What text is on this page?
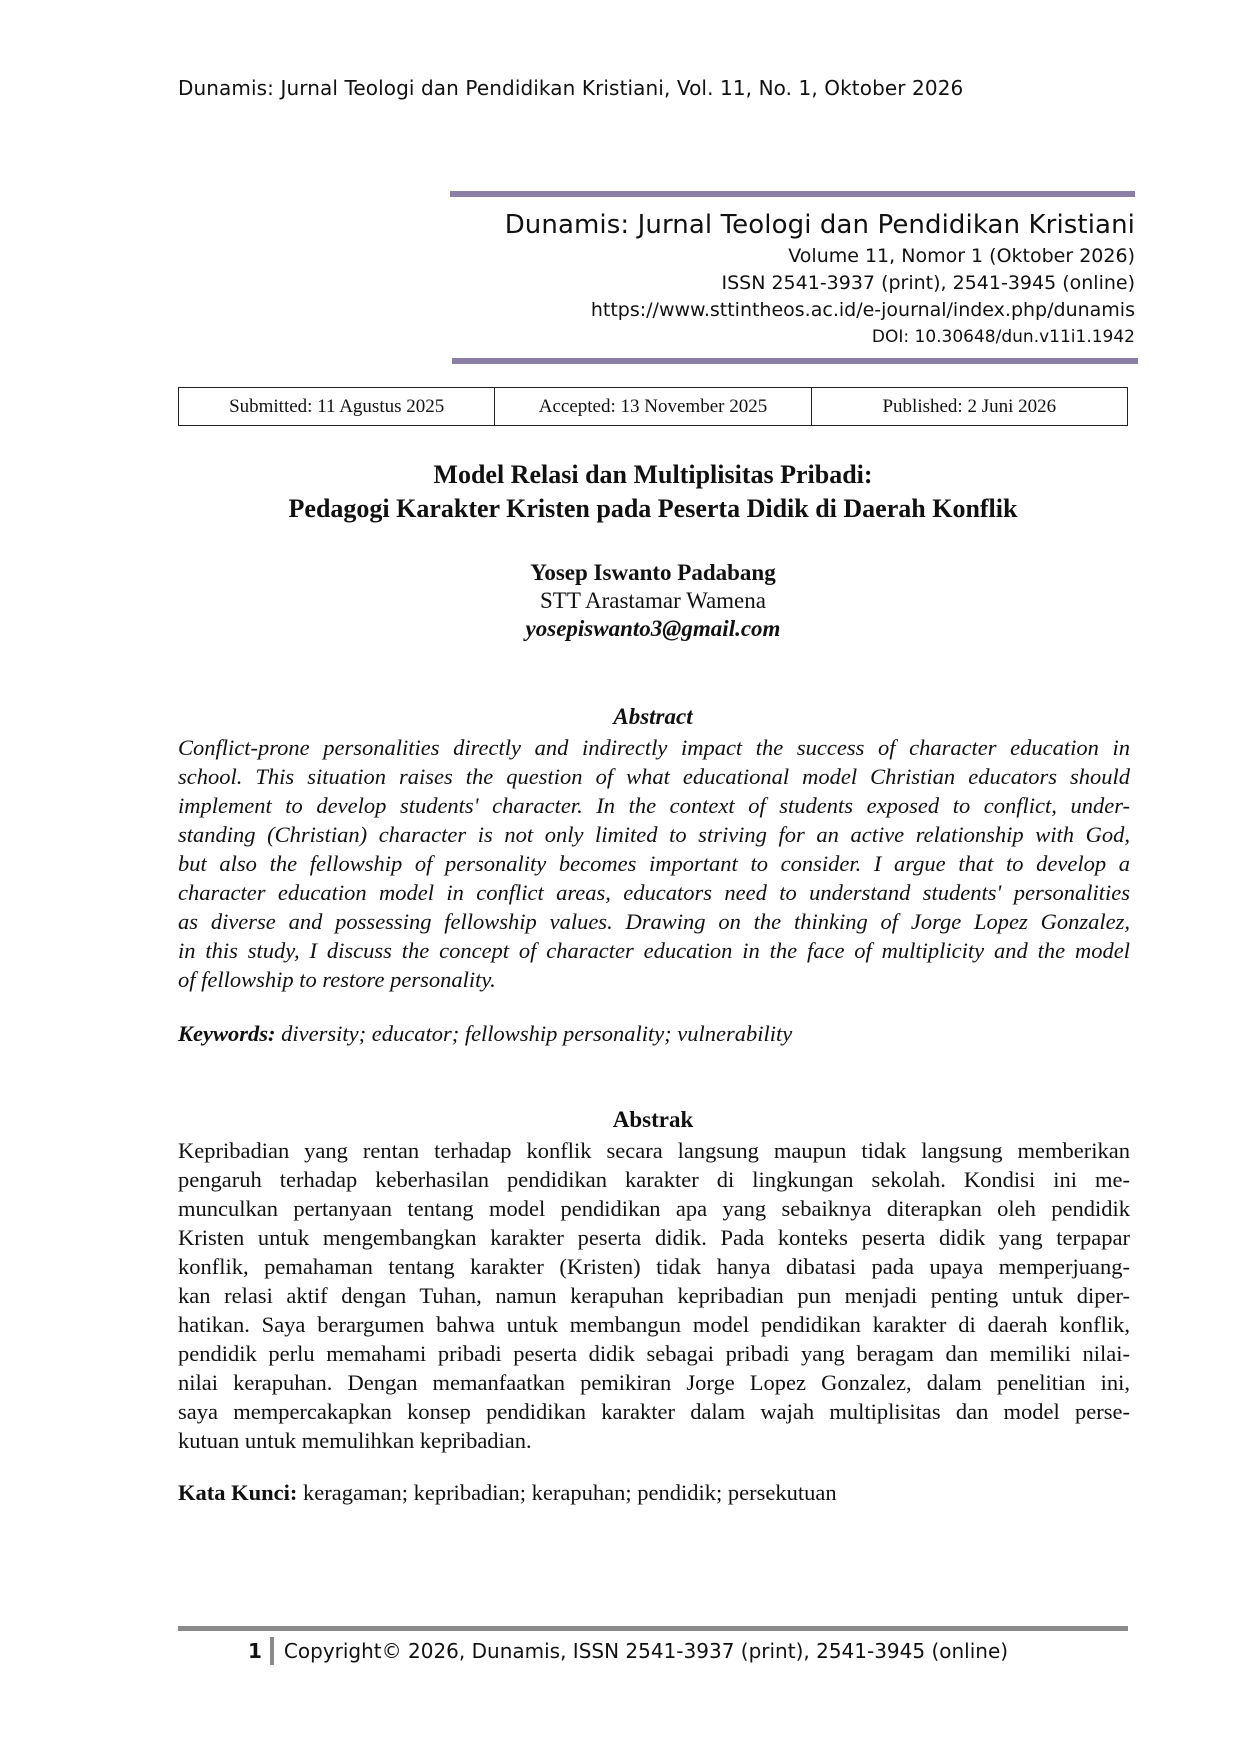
Dunamis: Jurnal Teologi dan Pendidikan Kristiani, Vol. 11, No. 1, Oktober 2026
Dunamis: Jurnal Teologi dan Pendidikan Kristiani
Volume 11, Nomor 1 (Oktober 2026)
ISSN 2541-3937 (print), 2541-3945 (online)
https://www.sttintheos.ac.id/e-journal/index.php/dunamis
DOI: 10.30648/dun.v11i1.1942
Submitted: 11 Agustus 2025	Accepted: 13 November 2025	Published: 2 Juni 2026
Model Relasi dan Multiplisitas Pribadi:
Pedagogi Karakter Kristen pada Peserta Didik di Daerah Konflik
Yosep Iswanto Padabang
STT Arastamar Wamena
yosepiswanto3@gmail.com
Abstract
Conflict-prone personalities directly and indirectly impact the success of character education in
school. This situation raises the question of what educational model Christian educators should
implement to develop students' character. In the context of students exposed to conflict, under-
standing (Christian) character is not only limited to striving for an active relationship with God,
but also the fellowship of personality becomes important to consider. I argue that to develop a
character education model in conflict areas, educators need to understand students' personalities
as diverse and possessing fellowship values. Drawing on the thinking of Jorge Lopez Gonzalez,
in this study, I discuss the concept of character education in the face of multiplicity and the model
of fellowship to restore personality.
Keywords: diversity; educator; fellowship personality; vulnerability
Abstrak
Kepribadian yang rentan terhadap konflik secara langsung maupun tidak langsung memberikan
pengaruh terhadap keberhasilan pendidikan karakter di lingkungan sekolah. Kondisi ini me-
munculkan pertanyaan tentang model pendidikan apa yang sebaiknya diterapkan oleh pendidik
Kristen untuk mengembangkan karakter peserta didik. Pada konteks peserta didik yang terpapar
konflik, pemahaman tentang karakter (Kristen) tidak hanya dibatasi pada upaya memperjuang-
kan relasi aktif dengan Tuhan, namun kerapuhan kepribadian pun menjadi penting untuk diper-
hatikan. Saya berargumen bahwa untuk membangun model pendidikan karakter di daerah konflik,
pendidik perlu memahami pribadi peserta didik sebagai pribadi yang beragam dan memiliki nilai-
nilai kerapuhan. Dengan memanfaatkan pemikiran Jorge Lopez Gonzalez, dalam penelitian ini,
saya mempercakapkan konsep pendidikan karakter dalam wajah multiplisitas dan model perse-
kutuan untuk memulihkan kepribadian.
Kata Kunci: keragaman; kepribadian; kerapuhan; pendidik; persekutuan
1 Copyright© 2026, Dunamis, ISSN 2541-3937 (print), 2541-3945 (online)
